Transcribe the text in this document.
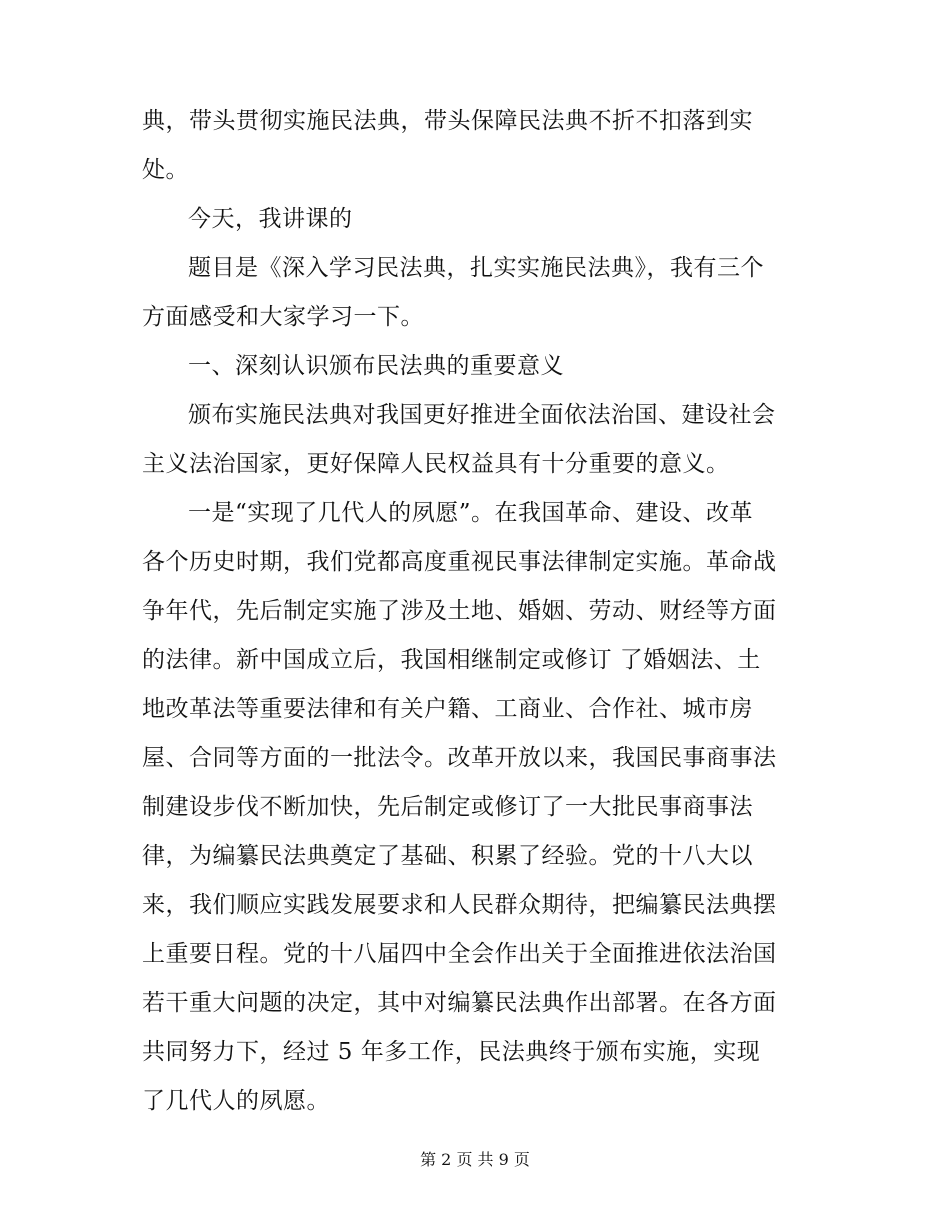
典，带头贯彻实施民法典，带头保障民法典不折不扣落到实
处。
今天，我讲课的
题目是《深入学习民法典，扎实实施民法典》，我有三个
方面感受和大家学习一下。
一、深刻认识颁布民法典的重要意义
颁布实施民法典对我国更好推进全面依法治国、建设社会
主义法治国家，更好保障人民权益具有十分重要的意义。
一是“实现了几代人的夙愿”。在我国革命、建设、改革
各个历史时期，我们党都高度重视民事法律制定实施。革命战
争年代，先后制定实施了涉及土地、婚姻、劳动、财经等方面
的法律。新中国成立后，我国相继制定或修订 了婚姻法、土
地改革法等重要法律和有关户籍、工商业、合作社、城市房
屋、合同等方面的一批法令。改革开放以来，我国民事商事法
制建设步伐不断加快，先后制定或修订了一大批民事商事法
律，为编纂民法典奠定了基础、积累了经验。党的十八大以
来，我们顺应实践发展要求和人民群众期待，把编纂民法典摆
上重要日程。党的十八届四中全会作出关于全面推进依法治国
若干重大问题的决定，其中对编纂民法典作出部署。在各方面
共同努力下，经过 5 年多工作，民法典终于颁布实施，实现
了几代人的夙愿。
第 2 页 共 9 页
